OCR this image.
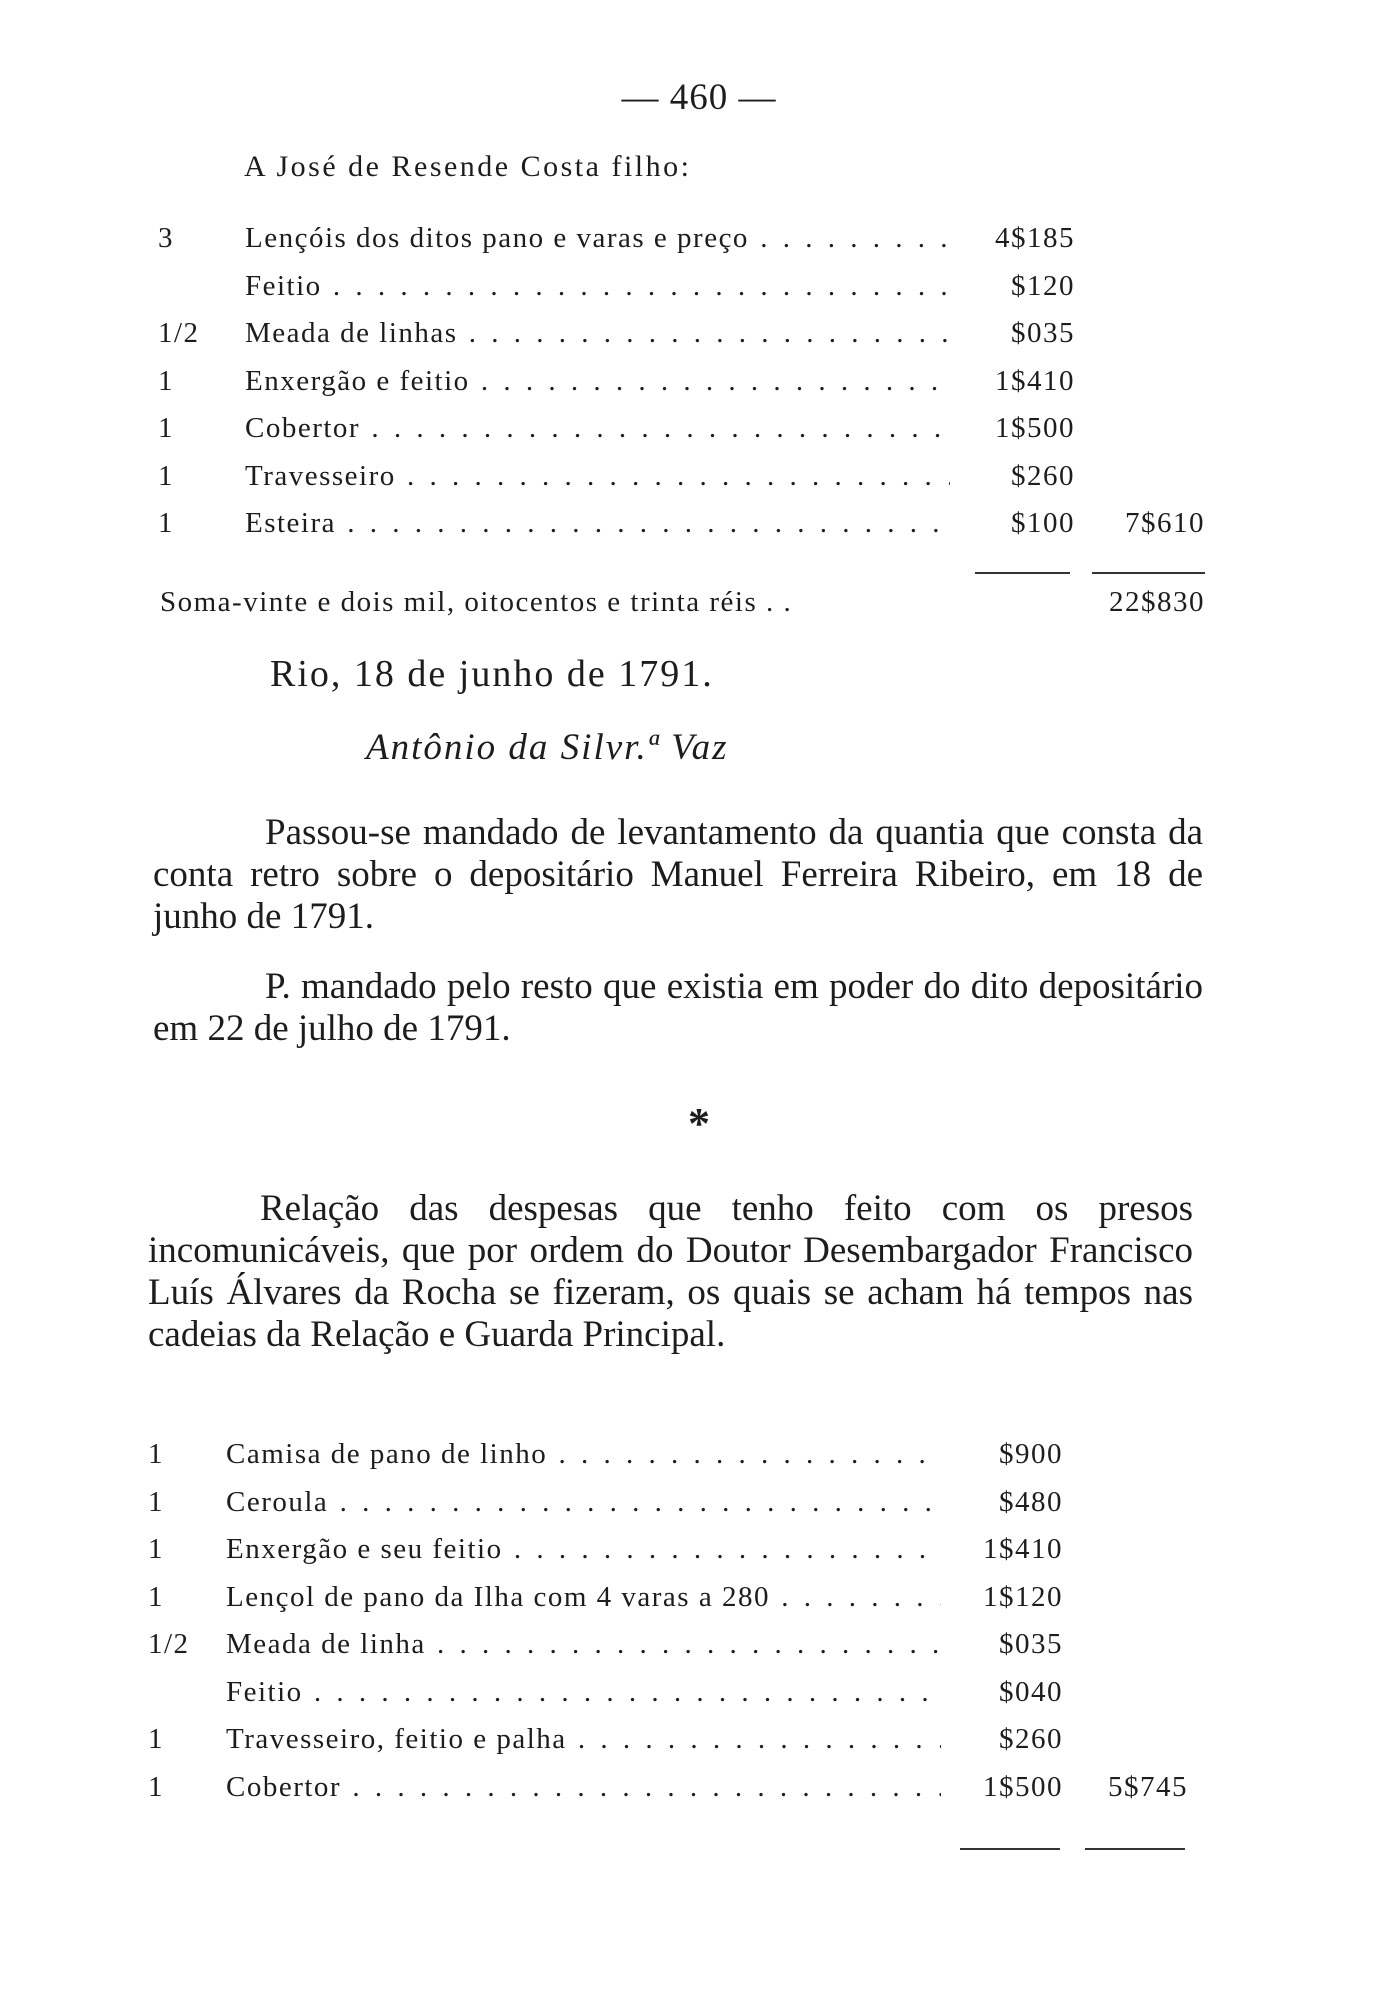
— 460 —
A José de Resende Costa filho:
3 Lençóis dos ditos pano e varas e preço . . .	4$185
Feitio . . .	$120
1/2 Meada de linhas . . .	$035
1 Enxergão e feitio . . .	1$410
1 Cobertor . . .	1$500
1 Travesseiro . . .	$260
1 Esteira . . .	$100	7$610
Soma-vinte e dois mil, oitocentos e trinta réis . .	22$830
Rio, 18 de junho de 1791.
Antônio da Silvr.ª Vaz
Passou-se mandado de levantamento da quantia que consta da conta retro sobre o depositário Manuel Ferreira Ribeiro, em 18 de junho de 1791.
P. mandado pelo resto que existia em poder do dito depositário em 22 de julho de 1791.
*
Relação das despesas que tenho feito com os presos incomunicáveis, que por ordem do Doutor Desembargador Francisco Luís Álvares da Rocha se fizeram, os quais se acham há tempos nas cadeias da Relação e Guarda Principal.
1 Camisa de pano de linho . . .	$900
1 Ceroula . . .	$480
1 Enxergão e seu feitio . . .	1$410
1 Lençol de pano da Ilha com 4 varas a 280 . . .	1$120
1/2 Meada de linha . . .	$035
Feitio . . .	$040
1 Travesseiro, feitio e palha . . .	$260
1 Cobertor . . .	1$500	5$745
